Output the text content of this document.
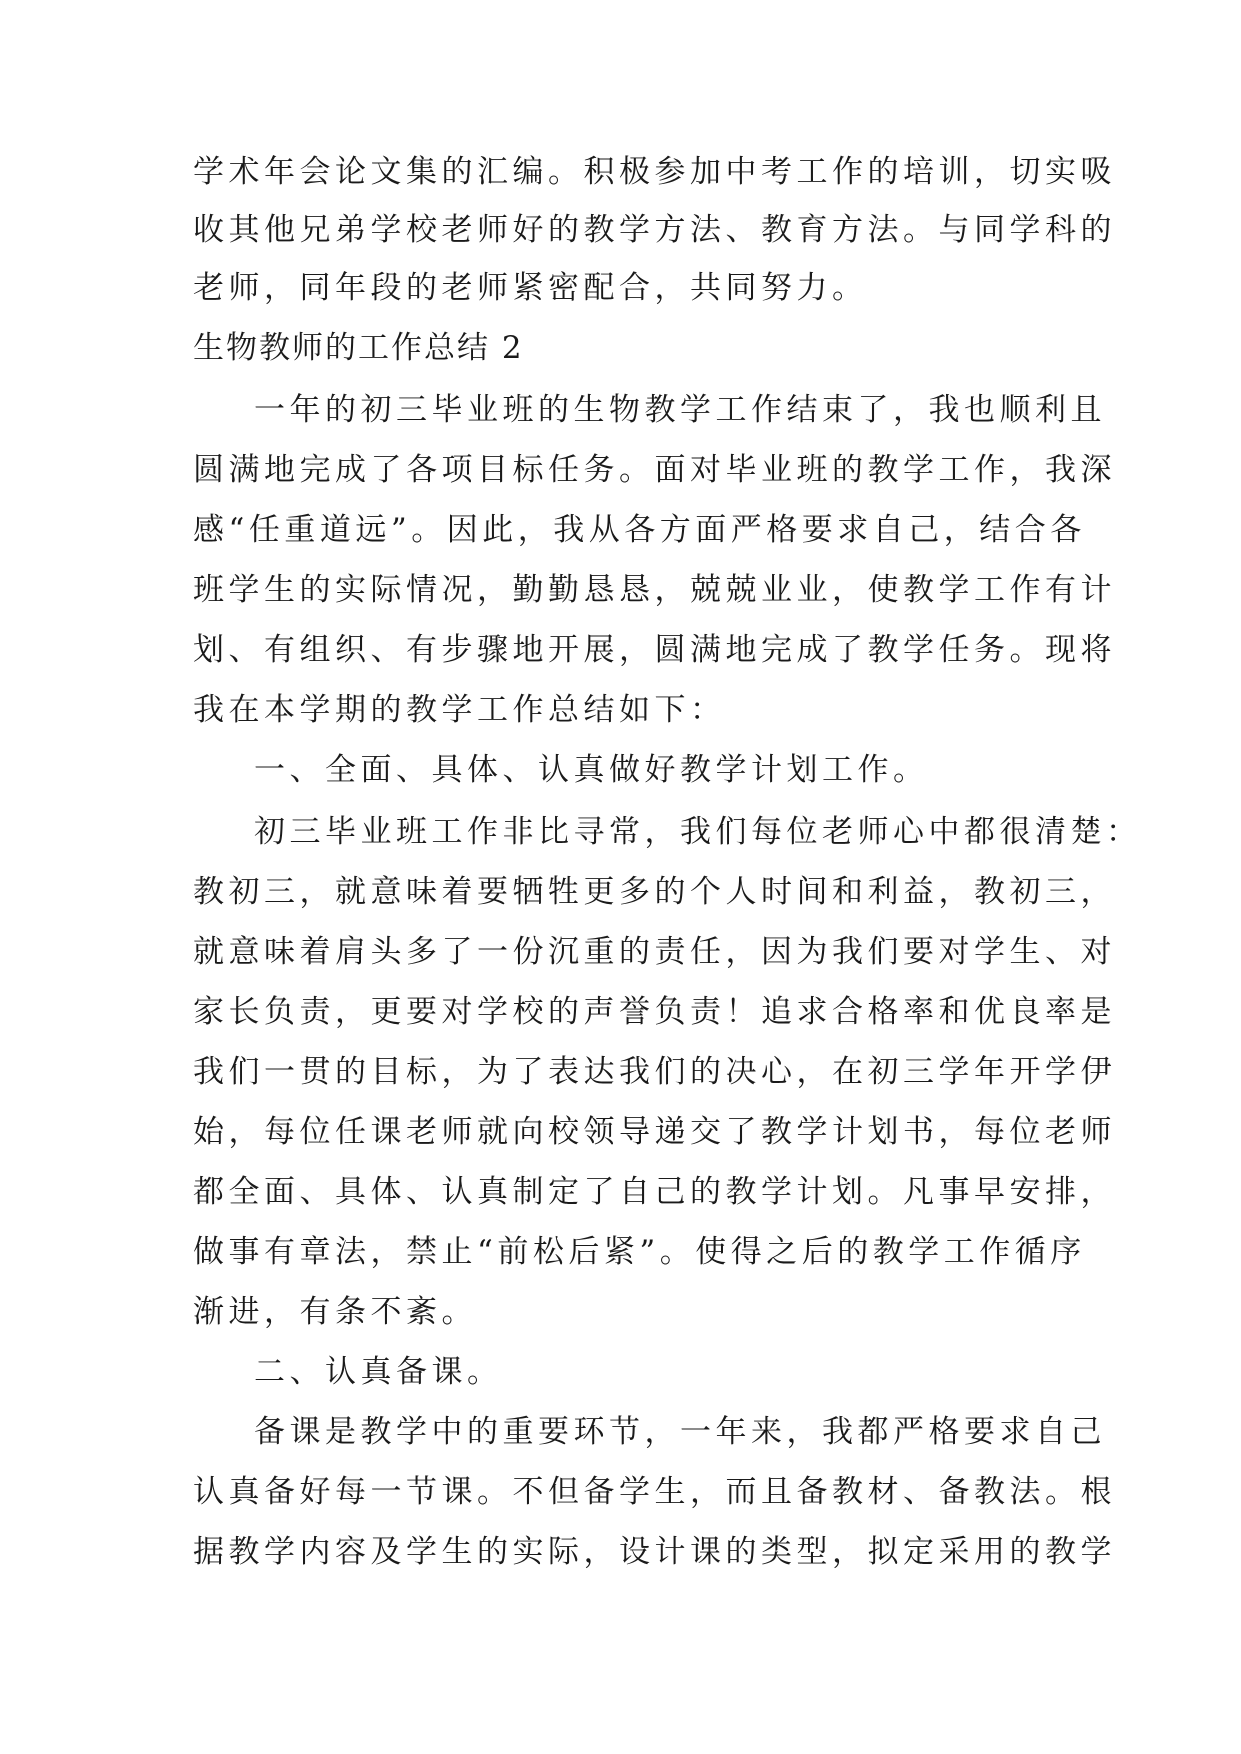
学术年会论文集的汇编。积极参加中考工作的培训，切实吸
收其他兄弟学校老师好的教学方法、教育方法。与同学科的
老师，同年段的老师紧密配合，共同努力。
生物教师的工作总结 2
一年的初三毕业班的生物教学工作结束了，我也顺利且
圆满地完成了各项目标任务。面对毕业班的教学工作，我深
感“任重道远”。因此，我从各方面严格要求自己，结合各
班学生的实际情况，勤勤恳恳，兢兢业业，使教学工作有计
划、有组织、有步骤地开展，圆满地完成了教学任务。现将
我在本学期的教学工作总结如下：
一、全面、具体、认真做好教学计划工作。
初三毕业班工作非比寻常，我们每位老师心中都很清楚：
教初三，就意味着要牺牲更多的个人时间和利益，教初三，
就意味着肩头多了一份沉重的责任，因为我们要对学生、对
家长负责，更要对学校的声誉负责！追求合格率和优良率是
我们一贯的目标，为了表达我们的决心，在初三学年开学伊
始，每位任课老师就向校领导递交了教学计划书，每位老师
都全面、具体、认真制定了自己的教学计划。凡事早安排，
做事有章法，禁止“前松后紧”。使得之后的教学工作循序
渐进，有条不紊。
二、认真备课。
备课是教学中的重要环节，一年来，我都严格要求自己
认真备好每一节课。不但备学生，而且备教材、备教法。根
据教学内容及学生的实际，设计课的类型，拟定采用的教学
